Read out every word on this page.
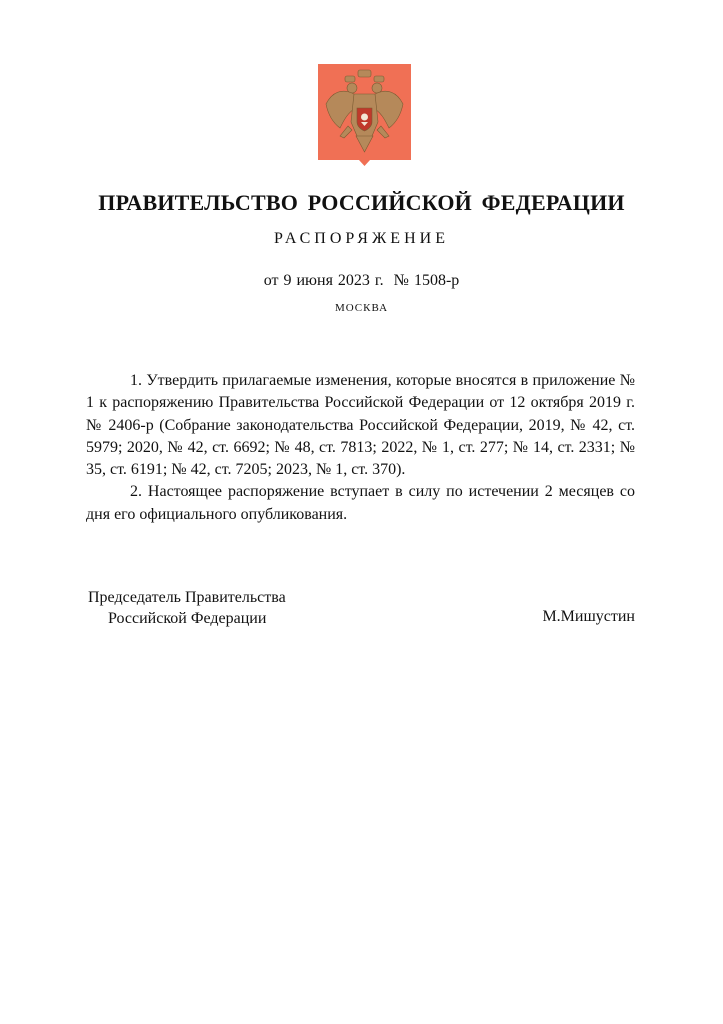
ПРАВИТЕЛЬСТВО РОССИЙСКОЙ ФЕДЕРАЦИИ
РАСПОРЯЖЕНИЕ
от 9 июня 2023 г.  № 1508-р
МОСКВА

1. Утвердить прилагаемые изменения, которые вносятся в приложение № 1 к распоряжению Правительства Российской Федерации от 12 октября 2019 г. № 2406-р (Собрание законодательства Российской Федерации, 2019, № 42, ст. 5979; 2020, № 42, ст. 6692; № 48, ст. 7813; 2022, № 1, ст. 277; № 14, ст. 2331; № 35, ст. 6191; № 42, ст. 7205; 2023, № 1, ст. 370).

2. Настоящее распоряжение вступает в силу по истечении 2 месяцев со дня его официального опубликования.

Председатель Правительства
Российской Федерации	М.Мишустин
